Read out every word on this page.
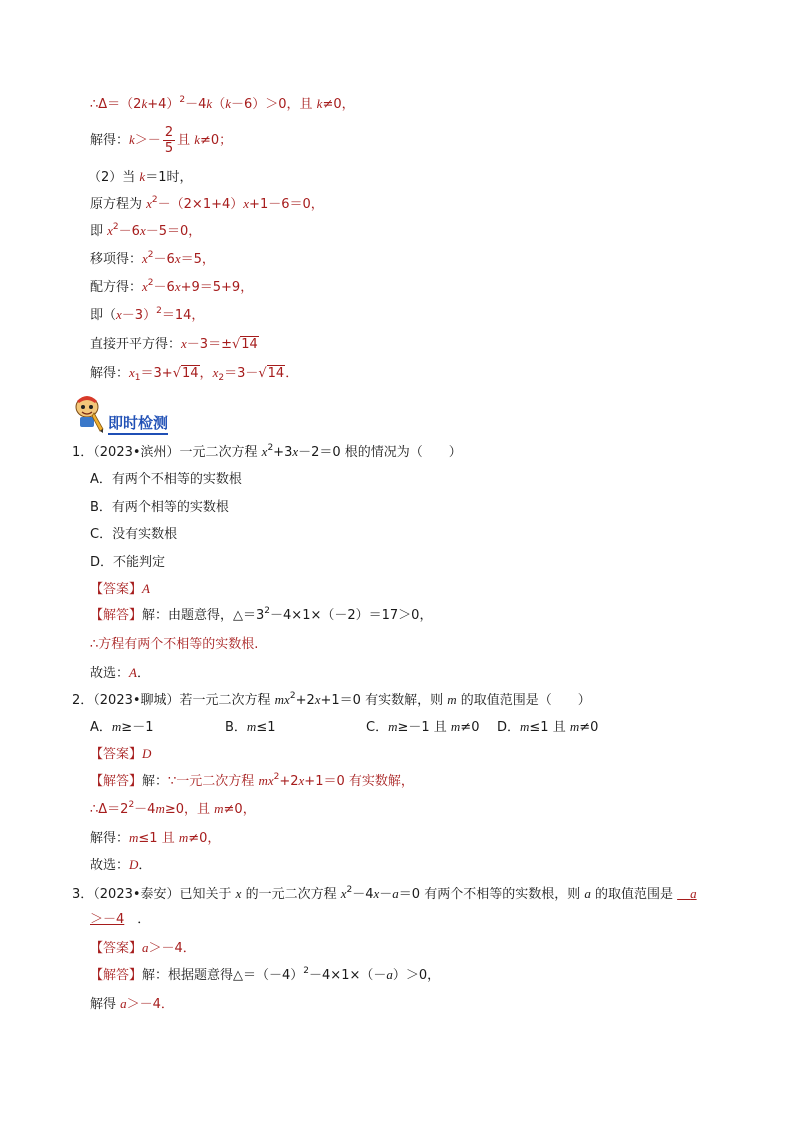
$\therefore\Delta=(2k+4)^2-4k(k-6)>0$，且 k≠0，
解得：$k>- \frac{2}{5}$ 且 k≠0；
（2）当 k＝1时，
原方程为 $x^2-(2\times 1+4)x+1-6=0$，
即 $x^2-6x-5=0$，
移项得：$x^2-6x=5$，
配方得：$x^2-6x+9=5+9$，
即$(x-3)^2=14$，
直接开平方得：x－3＝±√14
解得：$x_1=3+√14$，$x_2=3-√14$．
即时检测
1．（2023•滨州）一元二次方程 $x^2+3x-2=0$ 根的情况为（　　）
A．有两个不相等的实数根
B．有两个相等的实数根
C．没有实数根
D．不能判定
【答案】A
【解答】解：由题意得，$\triangle=3^2-4\times 1\times(-2)=17>0$，
∴方程有两个不相等的实数根.
故选：A．
2．（2023•聊城）若一元二次方程 $mx^2+2x+1=0$ 有实数解，则 m 的取值范围是（　　）
A．m≥－1	B．m≤1	C．m≥－1 且 m≠0 D．m≤1 且 m≠0
【答案】D
【解答】解：∵一元二次方程 $mx^2+2x+1=0$ 有实数解，
$\therefore\Delta=2^2-4m\ge 0$，且 m≠0，
解得：m≤1 且 m≠0，
故选：D．
3．（2023•泰安）已知关于 x 的一元二次方程 $x^2-4x-a=0$ 有两个不相等的实数根，则 a 的取值范围是 　a
＞－4　．
【答案】a＞－4．
【解答】解：根据题意得$\triangle=(-4)^2-4\times 1\times(-a)>0$，
解得 a＞－4．
